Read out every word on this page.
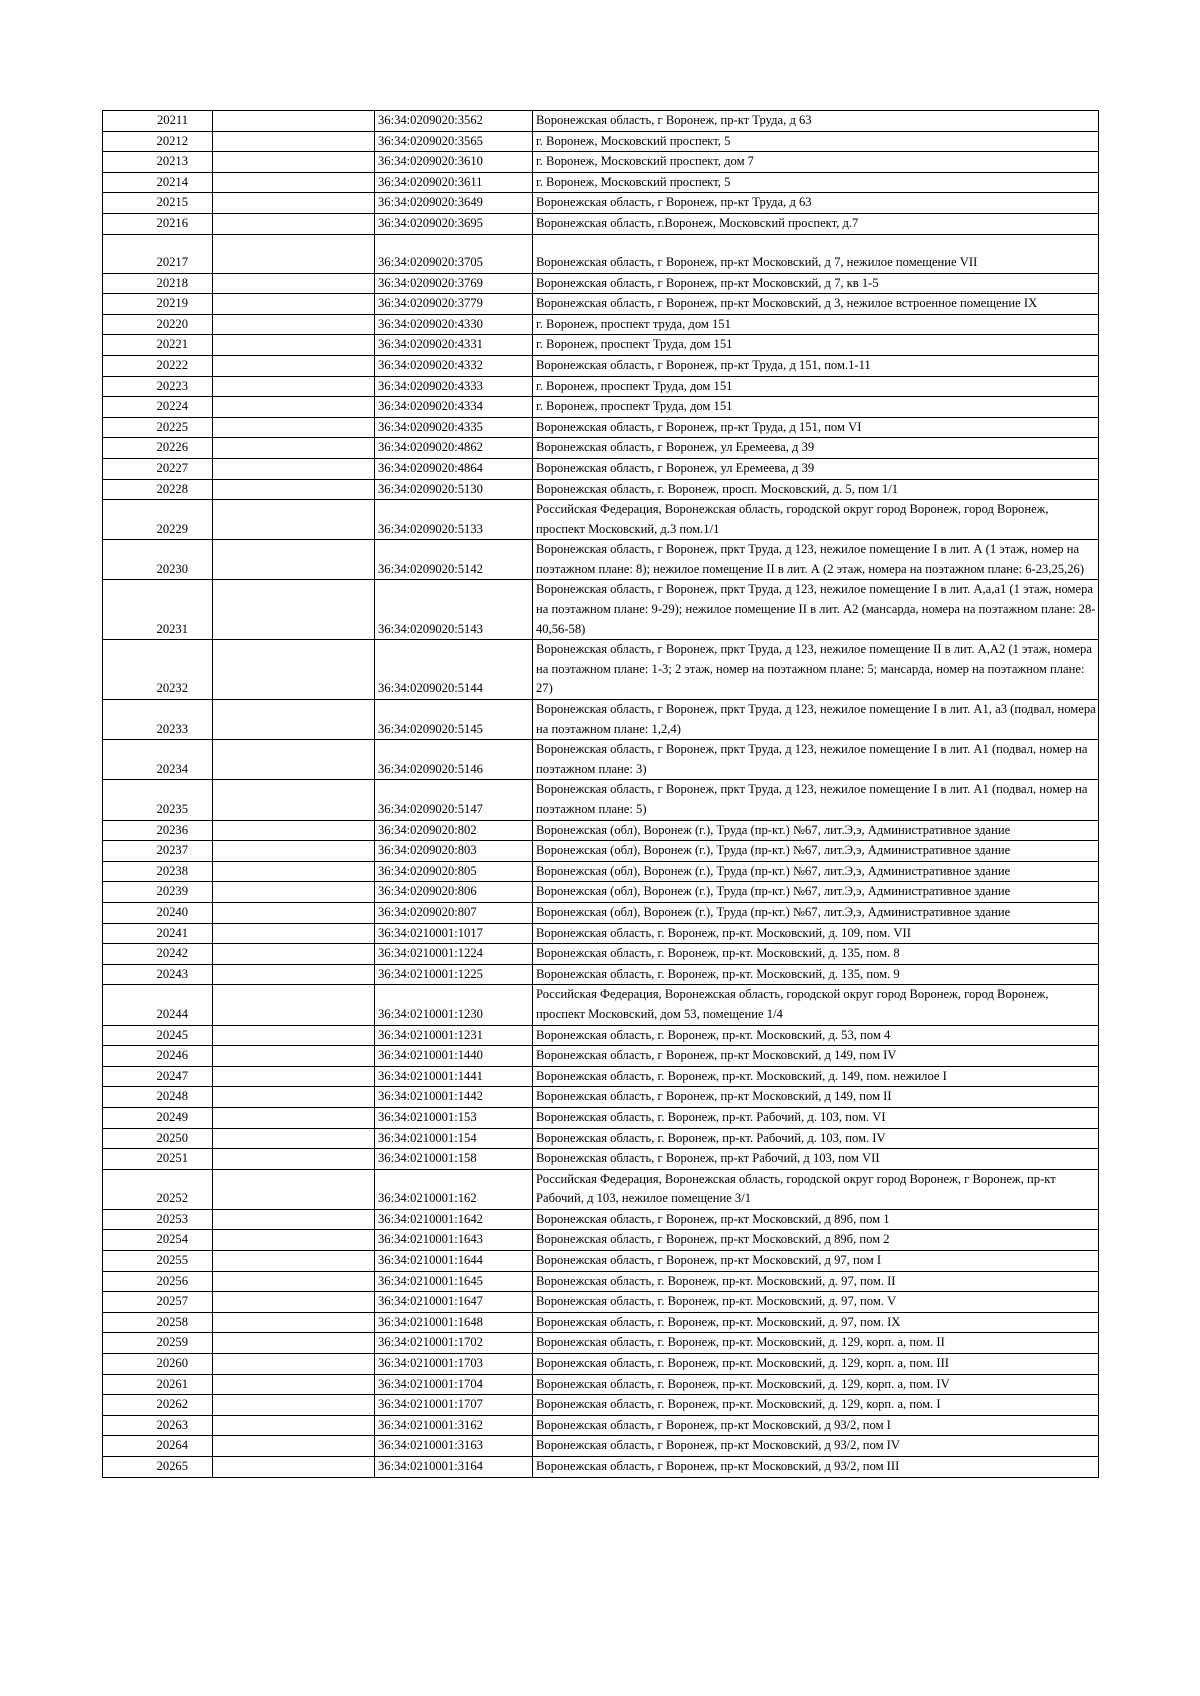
20211		36:34:0209020:3562	Воронежская область, г Воронеж, пр-кт Труда, д 63
20212		36:34:0209020:3565	г. Воронеж, Московский проспект, 5
20213		36:34:0209020:3610	г. Воронеж, Московский проспект, дом 7
20214		36:34:0209020:3611	г. Воронеж, Московский проспект, 5
20215		36:34:0209020:3649	Воронежская область, г Воронеж, пр-кт Труда, д 63
20216		36:34:0209020:3695	Воронежская область, г.Воронеж, Московский проспект, д.7
20217		36:34:0209020:3705	Воронежская область, г Воронеж, пр-кт Московский, д 7, нежилое помещение VII
20218		36:34:0209020:3769	Воронежская область, г Воронеж, пр-кт Московский, д 7, кв 1-5
20219		36:34:0209020:3779	Воронежская область, г Воронеж, пр-кт Московский, д 3, нежилое встроенное помещение IX
20220		36:34:0209020:4330	г. Воронеж, проспект труда, дом 151
20221		36:34:0209020:4331	г. Воронеж, проспект Труда, дом 151
20222		36:34:0209020:4332	Воронежская область, г Воронеж, пр-кт Труда, д 151, пом.1-11
20223		36:34:0209020:4333	г. Воронеж, проспект Труда, дом 151
20224		36:34:0209020:4334	г. Воронеж, проспект Труда, дом 151
20225		36:34:0209020:4335	Воронежская область, г Воронеж, пр-кт Труда, д 151, пом VI
20226		36:34:0209020:4862	Воронежская область, г Воронеж, ул Еремеева, д 39
20227		36:34:0209020:4864	Воронежская область, г Воронеж, ул Еремеева, д 39
20228		36:34:0209020:5130	Воронежская область, г. Воронеж, просп. Московский, д. 5, пом 1/1
20229		36:34:0209020:5133	Российская Федерация, Воронежская область, городской округ город Воронеж, город Воронеж, проспект Московский, д.3 пом.1/1
20230		36:34:0209020:5142	Воронежская область, г Воронеж, пркт Труда, д 123, нежилое помещение I в лит. А (1 этаж, номер на поэтажном плане: 8); нежилое помещение II в лит. А (2 этаж, номера на поэтажном плане: 6-23,25,26)
20231		36:34:0209020:5143	Воронежская область, г Воронеж, пркт Труда, д 123, нежилое помещение I в лит. А,а,а1 (1 этаж, номера на поэтажном плане: 9-29); нежилое помещение II в лит. А2 (мансарда, номера на поэтажном плане: 28-40,56-58)
20232		36:34:0209020:5144	Воронежская область, г Воронеж, пркт Труда, д 123, нежилое помещение II в лит. А,А2 (1 этаж, номера на поэтажном плане: 1-3; 2 этаж, номер на поэтажном плане: 5; мансарда, номер на поэтажном плане: 27)
20233		36:34:0209020:5145	Воронежская область, г Воронеж, пркт Труда, д 123, нежилое помещение I в лит. А1, а3 (подвал, номера на поэтажном плане: 1,2,4)
20234		36:34:0209020:5146	Воронежская область, г Воронеж, пркт Труда, д 123, нежилое помещение I в лит. А1 (подвал, номер на поэтажном плане: 3)
20235		36:34:0209020:5147	Воронежская область, г Воронеж, пркт Труда, д 123, нежилое помещение I в лит. А1 (подвал, номер на поэтажном плане: 5)
20236		36:34:0209020:802	Воронежская (обл), Воронеж (г.), Труда (пр-кт.) №67, лит.Э,э, Административное здание
20237		36:34:0209020:803	Воронежская (обл), Воронеж (г.), Труда (пр-кт.) №67, лит.Э,э, Административное здание
20238		36:34:0209020:805	Воронежская (обл), Воронеж (г.), Труда (пр-кт.) №67, лит.Э,э, Административное здание
20239		36:34:0209020:806	Воронежская (обл), Воронеж (г.), Труда (пр-кт.) №67, лит.Э,э, Административное здание
20240		36:34:0209020:807	Воронежская (обл), Воронеж (г.), Труда (пр-кт.) №67, лит.Э,э, Административное здание
20241		36:34:0210001:1017	Воронежская область, г. Воронеж, пр-кт. Московский, д. 109, пом. VII
20242		36:34:0210001:1224	Воронежская область, г. Воронеж, пр-кт. Московский, д. 135, пом. 8
20243		36:34:0210001:1225	Воронежская область, г. Воронеж, пр-кт. Московский, д. 135, пом. 9
20244		36:34:0210001:1230	Российская Федерация, Воронежская область, городской округ город Воронеж, город Воронеж, проспект Московский, дом 53, помещение 1/4
20245		36:34:0210001:1231	Воронежская область, г. Воронеж, пр-кт. Московский, д. 53, пом 4
20246		36:34:0210001:1440	Воронежская область, г Воронеж, пр-кт Московский, д 149, пом IV
20247		36:34:0210001:1441	Воронежская область, г. Воронеж, пр-кт. Московский, д. 149, пом. нежилое I
20248		36:34:0210001:1442	Воронежская область, г Воронеж, пр-кт Московский, д 149, пом II
20249		36:34:0210001:153	Воронежская область, г. Воронеж, пр-кт. Рабочий, д. 103, пом. VI
20250		36:34:0210001:154	Воронежская область, г. Воронеж, пр-кт. Рабочий, д. 103, пом. IV
20251		36:34:0210001:158	Воронежская область, г Воронеж, пр-кт Рабочий, д 103, пом VII
20252		36:34:0210001:162	Российская Федерация, Воронежская область, городской округ город Воронеж, г Воронеж, пр-кт Рабочий, д 103, нежилое помещение 3/1
20253		36:34:0210001:1642	Воронежская область, г Воронеж, пр-кт Московский, д 89б, пом 1
20254		36:34:0210001:1643	Воронежская область, г Воронеж, пр-кт Московский, д 89б, пом 2
20255		36:34:0210001:1644	Воронежская область, г Воронеж, пр-кт Московский, д 97, пом I
20256		36:34:0210001:1645	Воронежская область, г. Воронеж, пр-кт. Московский, д. 97, пом. II
20257		36:34:0210001:1647	Воронежская область, г. Воронеж, пр-кт. Московский, д. 97, пом. V
20258		36:34:0210001:1648	Воронежская область, г. Воронеж, пр-кт. Московский, д. 97, пом. IX
20259		36:34:0210001:1702	Воронежская область, г. Воронеж, пр-кт. Московский, д. 129, корп. а, пом. II
20260		36:34:0210001:1703	Воронежская область, г. Воронеж, пр-кт. Московский, д. 129, корп. а, пом. III
20261		36:34:0210001:1704	Воронежская область, г. Воронеж, пр-кт. Московский, д. 129, корп. а, пом. IV
20262		36:34:0210001:1707	Воронежская область, г. Воронеж, пр-кт. Московский, д. 129, корп. а, пом. I
20263		36:34:0210001:3162	Воронежская область, г Воронеж, пр-кт Московский, д 93/2, пом I
20264		36:34:0210001:3163	Воронежская область, г Воронеж, пр-кт Московский, д 93/2, пом IV
20265		36:34:0210001:3164	Воронежская область, г Воронеж, пр-кт Московский, д 93/2, пом III
